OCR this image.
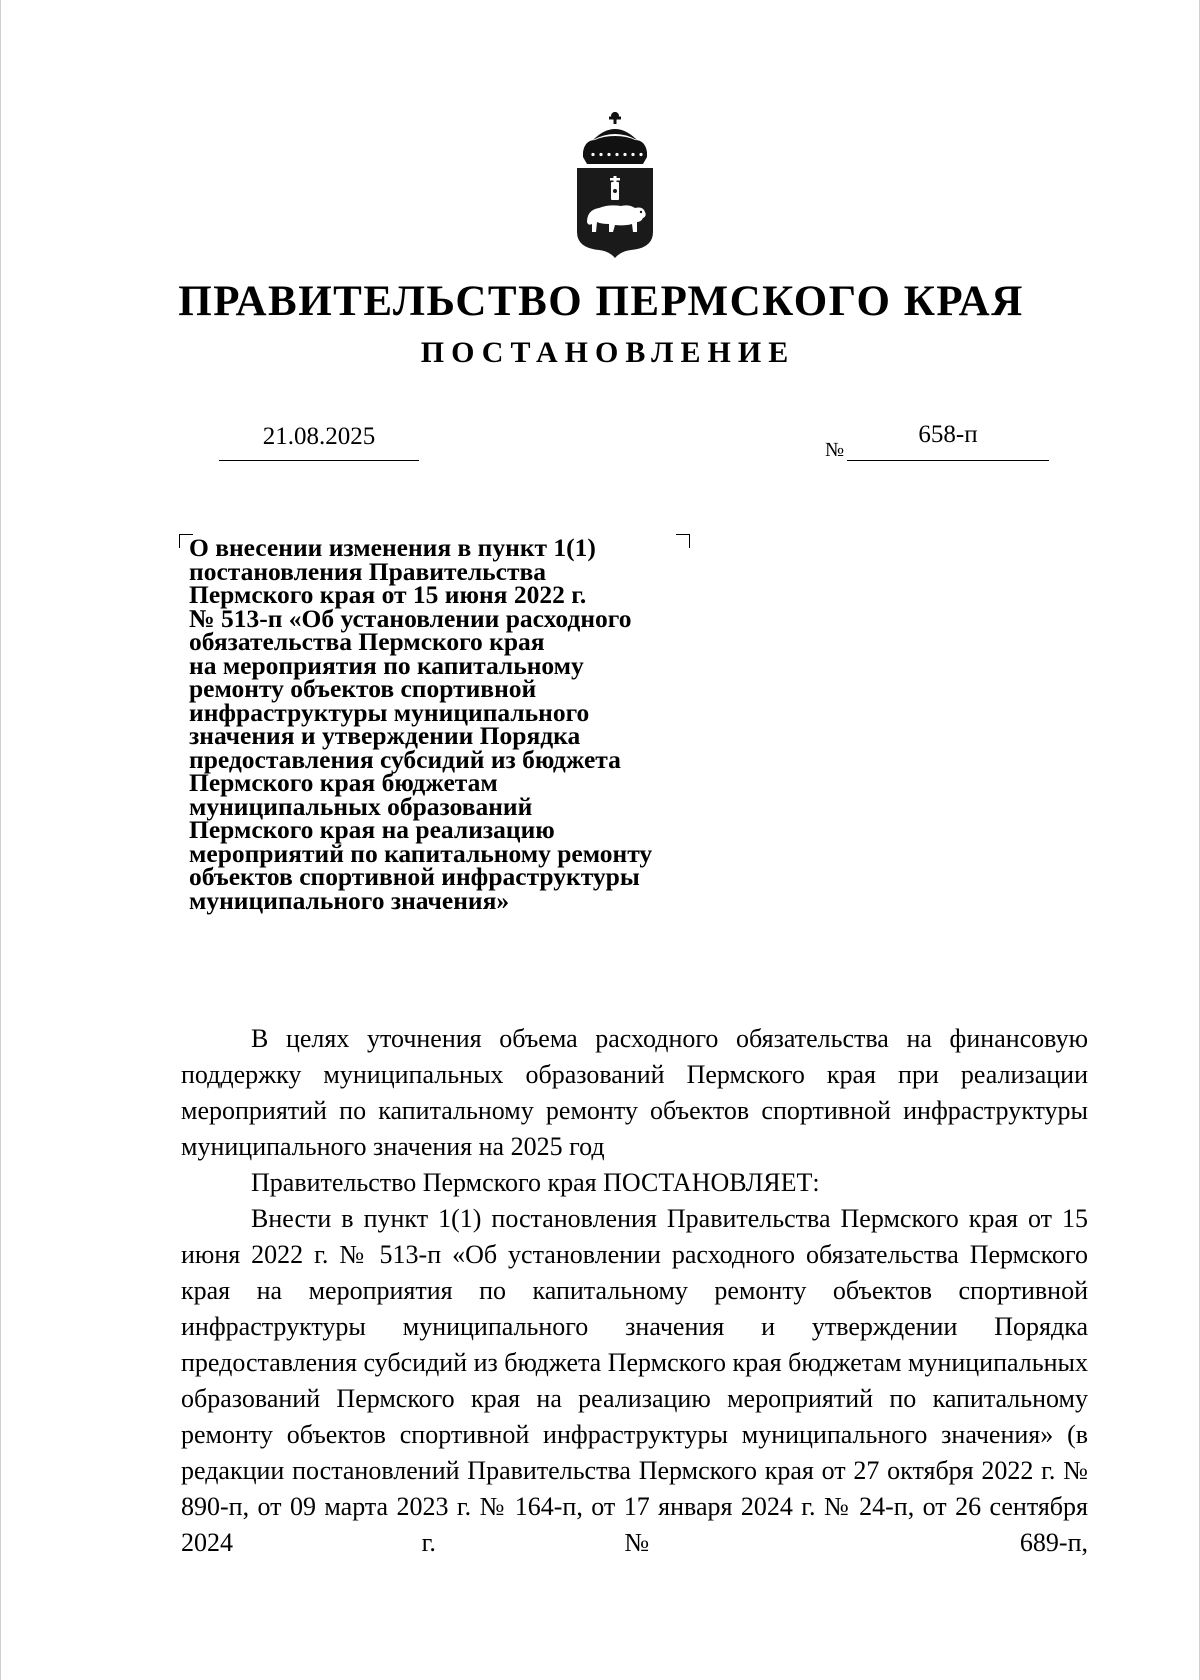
ПРАВИТЕЛЬСТВО ПЕРМСКОГО КРАЯ
ПОСТАНОВЛЕНИЕ
21.08.2025	№
658-п
О внесении изменения в пункт 1(1)
постановления Правительства
Пермского края от 15 июня 2022 г.
№ 513-п «Об установлении расходного
обязательства Пермского края
на мероприятия по капитальному
ремонту объектов спортивной
инфраструктуры муниципального
значения и утверждении Порядка
предоставления субсидий из бюджета
Пермского края бюджетам
муниципальных образований
Пермского края на реализацию
мероприятий по капитальному ремонту
объектов спортивной инфраструктуры
муниципального значения»

В целях уточнения объема расходного обязательства на финансовую поддержку муниципальных образований Пермского края при реализации мероприятий по капитальному ремонту объектов спортивной инфраструктуры муниципального значения на 2025 год

Правительство Пермского края ПОСТАНОВЛЯЕТ:

Внести в пункт 1(1) постановления Правительства Пермского края от 15 июня 2022 г. № 513-п «Об установлении расходного обязательства Пермского края на мероприятия по капитальному ремонту объектов спортивной инфраструктуры муниципального значения и утверждении Порядка предоставления субсидий из бюджета Пермского края бюджетам муниципальных образований Пермского края на реализацию мероприятий по капитальному ремонту объектов спортивной инфраструктуры муниципального значения» (в редакции постановлений Правительства Пермского края от 27 октября 2022 г. № 890-п, от 09 марта 2023 г. № 164-п, от 17 января 2024 г. № 24-п, от 26 сентября 2024 г. № 689-п,
